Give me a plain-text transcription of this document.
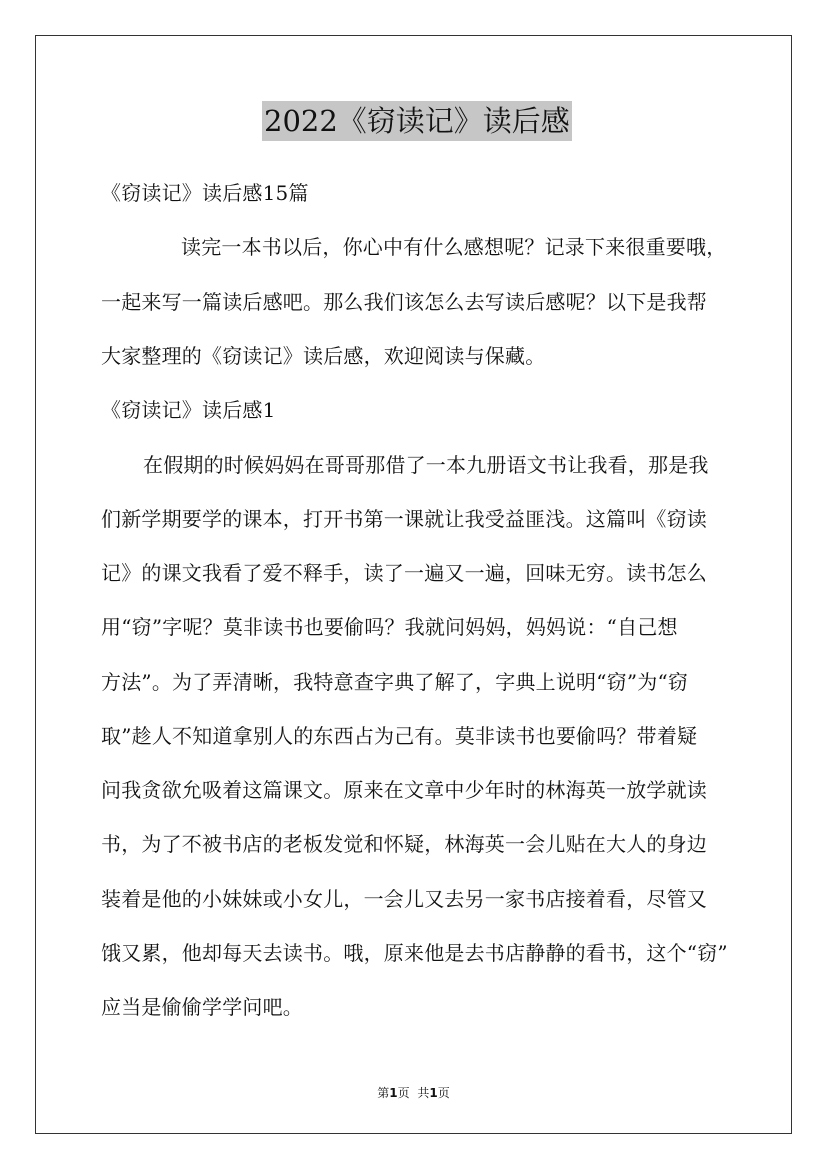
2022《窃读记》读后感
《窃读记》读后感15篇
读完一本书以后，你心中有什么感想呢？记录下来很重要哦，
一起来写一篇读后感吧。那么我们该怎么去写读后感呢？以下是我帮
大家整理的《窃读记》读后感，欢迎阅读与保藏。
《窃读记》读后感1
在假期的时候妈妈在哥哥那借了一本九册语文书让我看，那是我
们新学期要学的课本，打开书第一课就让我受益匪浅。这篇叫《窃读
记》的课文我看了爱不释手，读了一遍又一遍，回味无穷。读书怎么
用“窃”字呢？莫非读书也要偷吗？我就问妈妈，妈妈说：“自己想
方法”。为了弄清晰，我特意查字典了解了，字典上说明“窃”为“窃
取”趁人不知道拿别人的东西占为己有。莫非读书也要偷吗？带着疑
问我贪欲允吸着这篇课文。原来在文章中少年时的林海英一放学就读
书，为了不被书店的老板发觉和怀疑，林海英一会儿贴在大人的身边
装着是他的小妹妹或小女儿，一会儿又去另一家书店接着看，尽管又
饿又累，他却每天去读书。哦，原来他是去书店静静的看书，这个“窃”
应当是偷偷学学问吧。
第1页 共1页
